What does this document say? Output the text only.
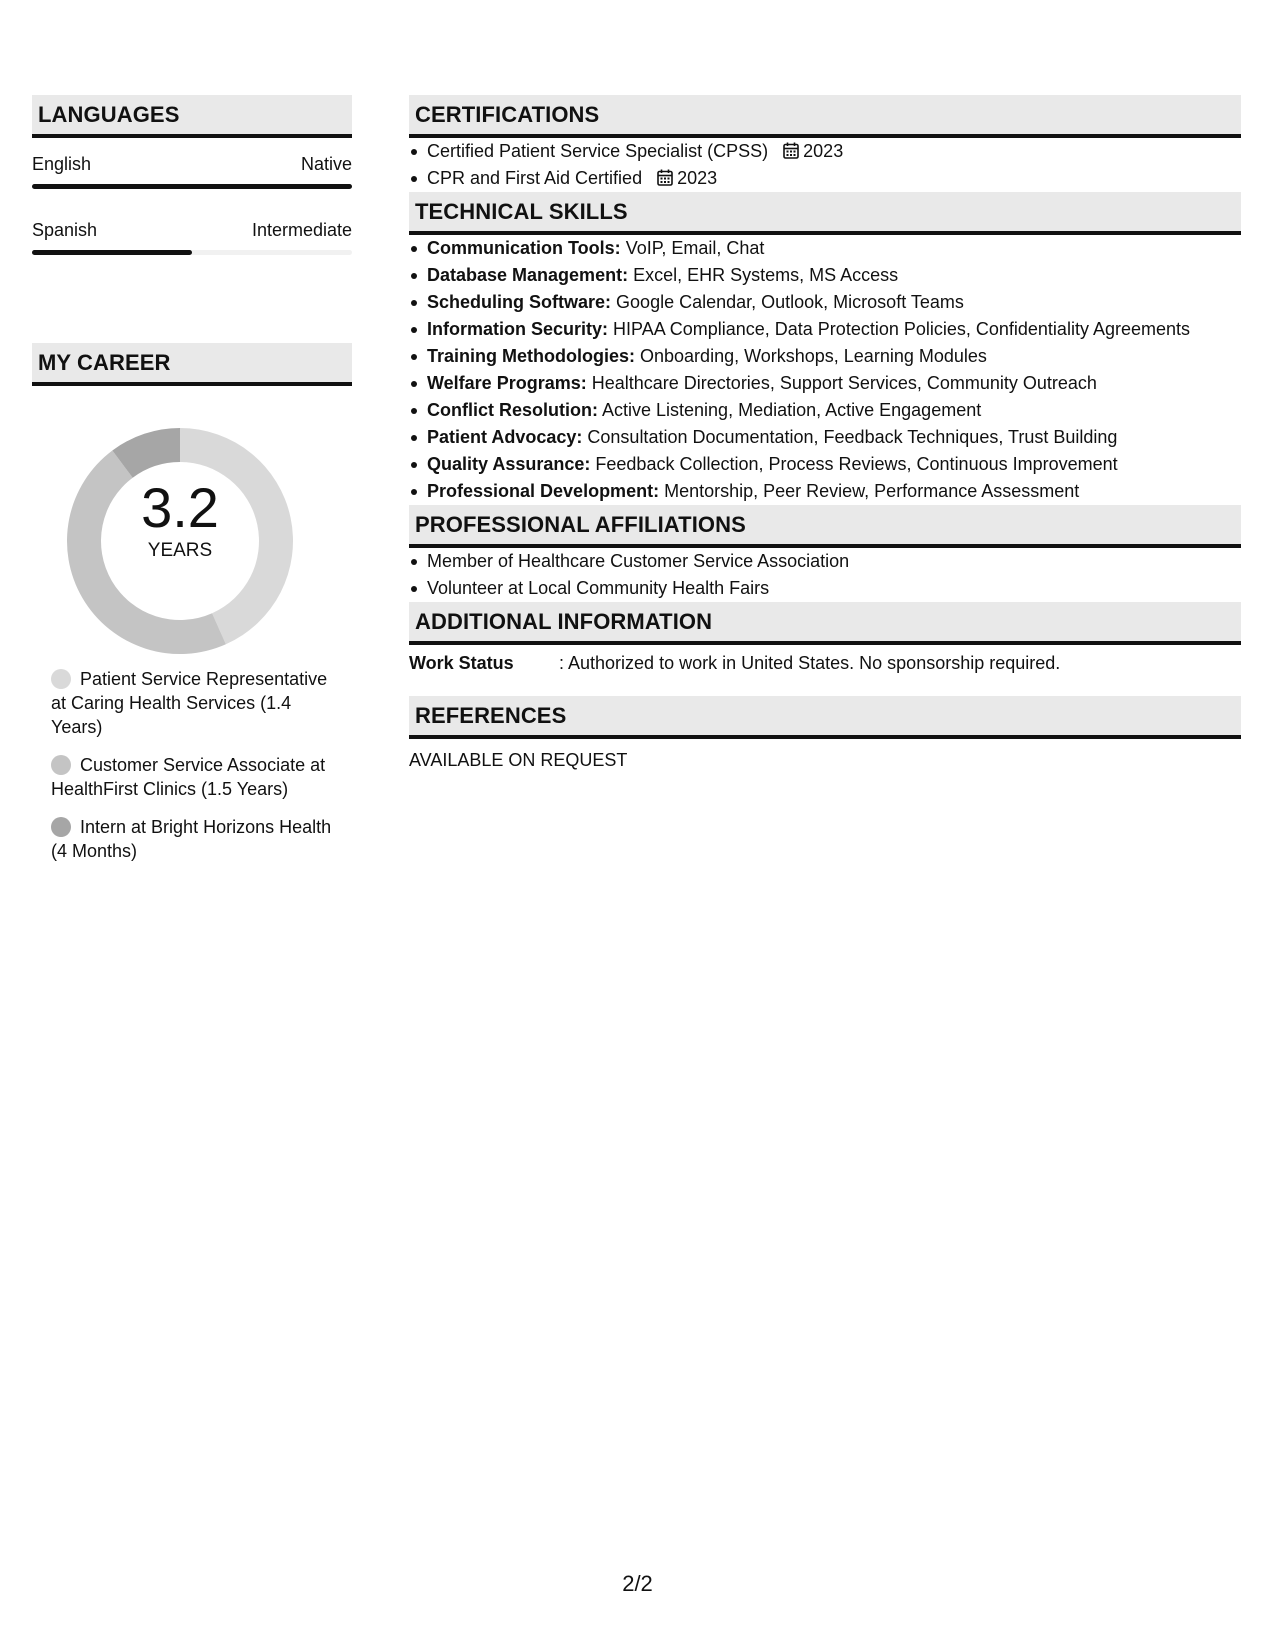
LANGUAGES
English	Native
Spanish	Intermediate
MY CAREER
3.2
YEARS
Patient Service Representative at Caring Health Services (1.4 Years)
Customer Service Associate at HealthFirst Clinics (1.5 Years)
Intern at Bright Horizons Health (4 Months)
CERTIFICATIONS
Certified Patient Service Specialist (CPSS) 2023
CPR and First Aid Certified 2023
TECHNICAL SKILLS
Communication Tools: VoIP, Email, Chat
Database Management: Excel, EHR Systems, MS Access
Scheduling Software: Google Calendar, Outlook, Microsoft Teams
Information Security: HIPAA Compliance, Data Protection Policies, Confidentiality Agreements
Training Methodologies: Onboarding, Workshops, Learning Modules
Welfare Programs: Healthcare Directories, Support Services, Community Outreach
Conflict Resolution: Active Listening, Mediation, Active Engagement
Patient Advocacy: Consultation Documentation, Feedback Techniques, Trust Building
Quality Assurance: Feedback Collection, Process Reviews, Continuous Improvement
Professional Development: Mentorship, Peer Review, Performance Assessment
PROFESSIONAL AFFILIATIONS
Member of Healthcare Customer Service Association
Volunteer at Local Community Health Fairs
ADDITIONAL INFORMATION
Work Status	: Authorized to work in United States. No sponsorship required.
REFERENCES
AVAILABLE ON REQUEST
2/2
